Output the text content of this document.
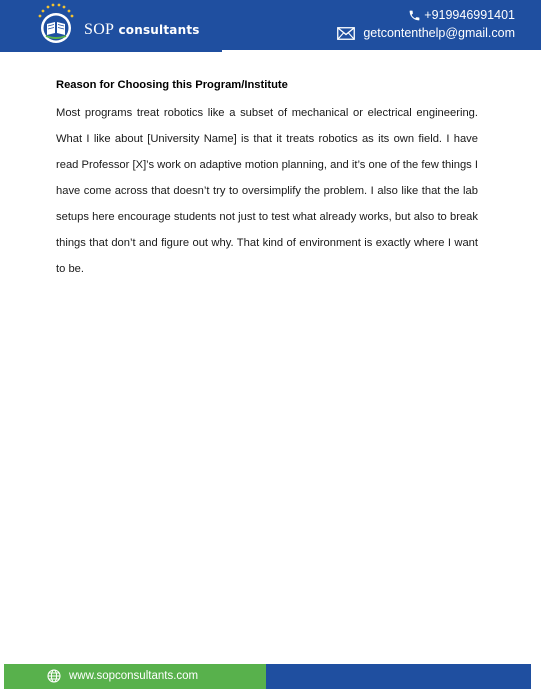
SOP consultants
+919946991401
getcontenthelp@gmail.com
Reason for Choosing this Program/Institute

Most programs treat robotics like a subset of mechanical or electrical engineering. What I like about [University Name] is that it treats robotics as its own field. I have read Professor [X]’s work on adaptive motion planning, and it’s one of the few things I have come across that doesn’t try to oversimplify the problem. I also like that the lab setups here encourage students not just to test what already works, but also to break things that don’t and figure out why. That kind of environment is exactly where I want to be.

www.sopconsultants.com
